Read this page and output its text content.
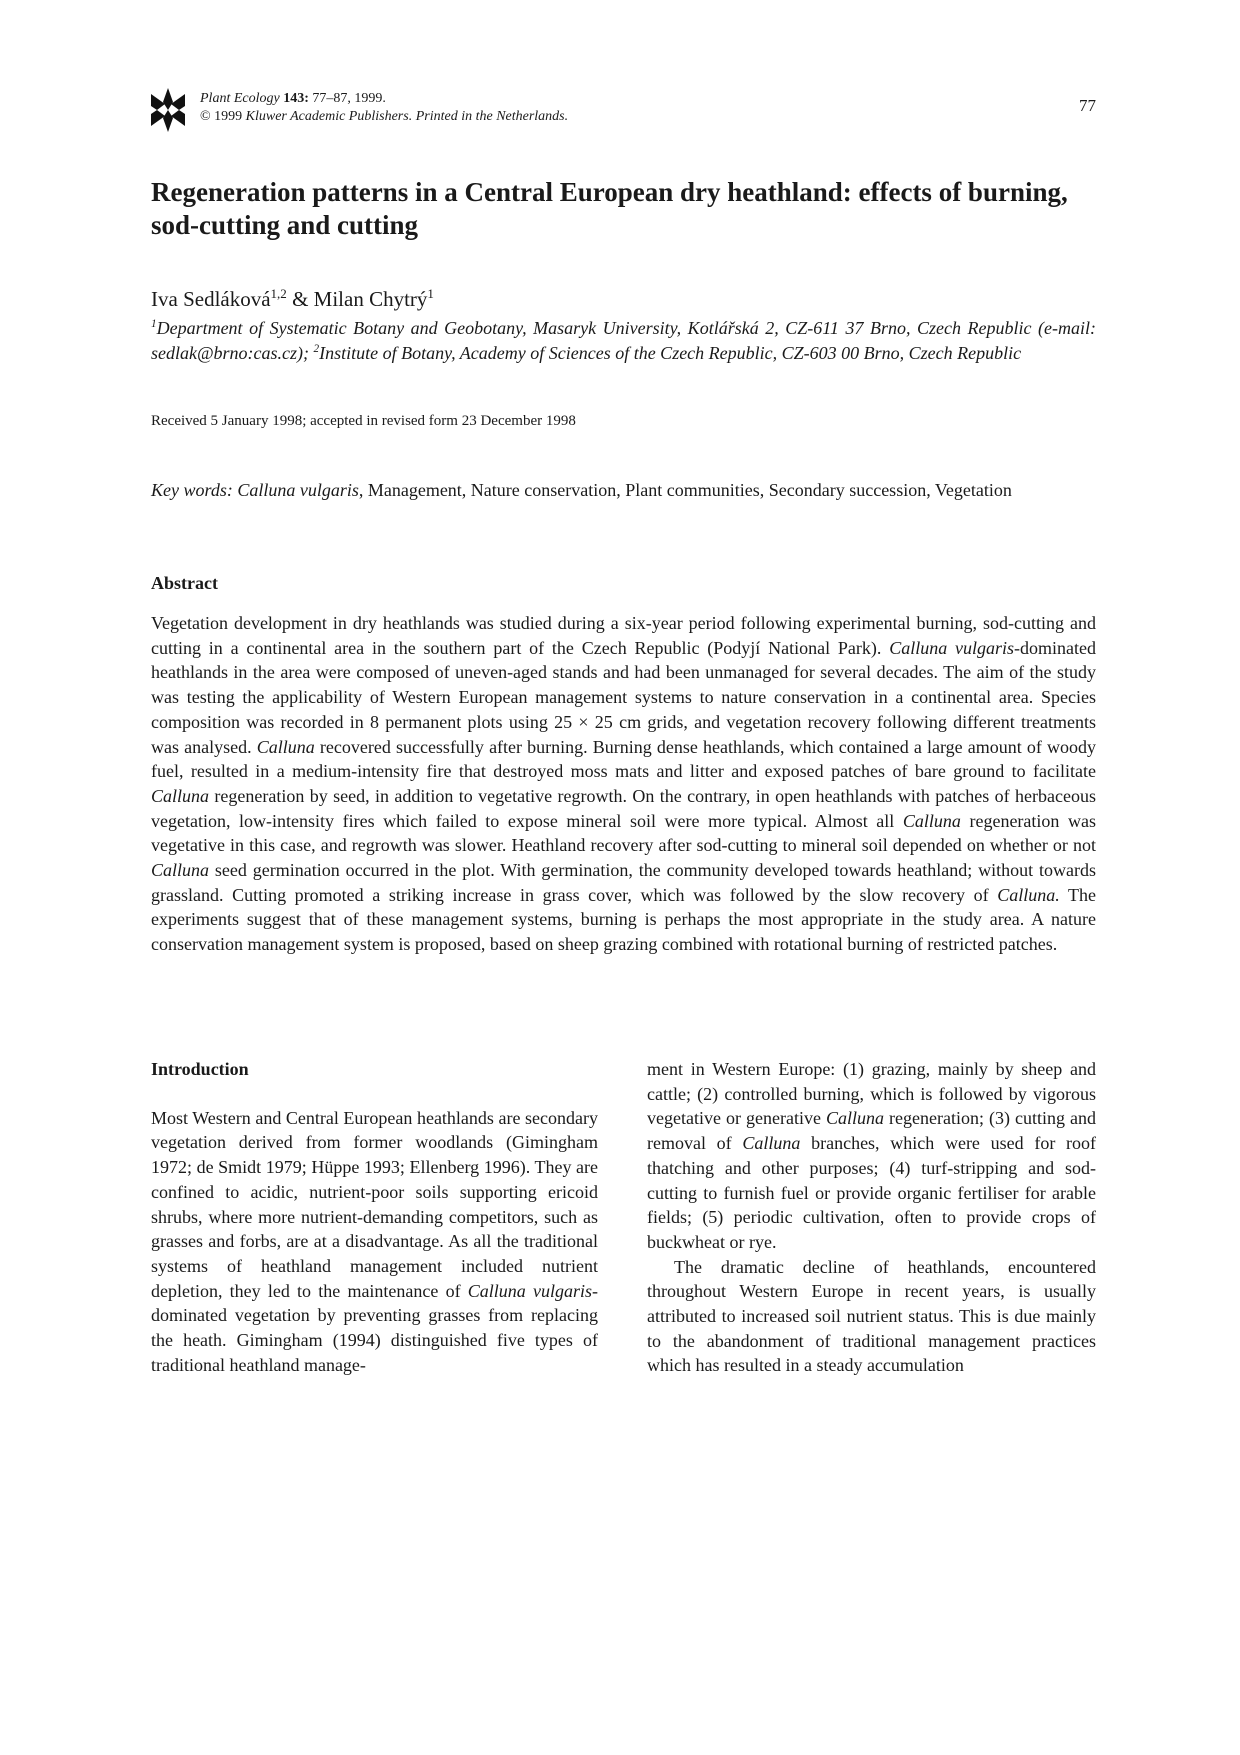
Plant Ecology 143: 77–87, 1999.
© 1999 Kluwer Academic Publishers. Printed in the Netherlands.
77
Regeneration patterns in a Central European dry heathland: effects of burning, sod-cutting and cutting
Iva Sedláková$^{1,2}$ & Milan Chytrý$^1$
$^1$Department of Systematic Botany and Geobotany, Masaryk University, Kotlářská 2, CZ-611 37 Brno, Czech Republic (e-mail: sedlak@brno:cas.cz); $^2$Institute of Botany, Academy of Sciences of the Czech Republic, CZ-603 00 Brno, Czech Republic
Received 5 January 1998; accepted in revised form 23 December 1998
Key words: Calluna vulgaris, Management, Nature conservation, Plant communities, Secondary succession, Vegetation
Abstract

Vegetation development in dry heathlands was studied during a six-year period following experimental burning, sod-cutting and cutting in a continental area in the southern part of the Czech Republic (Podyjí National Park). Calluna vulgaris-dominated heathlands in the area were composed of uneven-aged stands and had been unmanaged for several decades. The aim of the study was testing the applicability of Western European management systems to nature conservation in a continental area. Species composition was recorded in 8 permanent plots using 25 × 25 cm grids, and vegetation recovery following different treatments was analysed. Calluna recovered successfully after burning. Burning dense heathlands, which contained a large amount of woody fuel, resulted in a medium-intensity fire that destroyed moss mats and litter and exposed patches of bare ground to facilitate Calluna regeneration by seed, in addition to vegetative regrowth. On the contrary, in open heathlands with patches of herbaceous vegetation, low-intensity fires which failed to expose mineral soil were more typical. Almost all Calluna regeneration was vegetative in this case, and regrowth was slower. Heathland recovery after sod-cutting to mineral soil depended on whether or not Calluna seed germination occurred in the plot. With germination, the community developed towards heathland; without towards grassland. Cutting promoted a striking increase in grass cover, which was followed by the slow recovery of Calluna. The experiments suggest that of these management systems, burning is perhaps the most appropriate in the study area. A nature conservation management system is proposed, based on sheep grazing combined with rotational burning of restricted patches.

Introduction

Most Western and Central European heathlands are secondary vegetation derived from former woodlands (Gimingham 1972; de Smidt 1979; Hüppe 1993; Ellenberg 1996). They are confined to acidic, nutrient-poor soils supporting ericoid shrubs, where more nutrient-demanding competitors, such as grasses and forbs, are at a disadvantage. As all the traditional systems of heathland management included nutrient depletion, they led to the maintenance of Calluna vulgaris-dominated vegetation by preventing grasses from replacing the heath. Gimingham (1994) distinguished five types of traditional heathland manage-

ment in Western Europe: (1) grazing, mainly by sheep and cattle; (2) controlled burning, which is followed by vigorous vegetative or generative Calluna regeneration; (3) cutting and removal of Calluna branches, which were used for roof thatching and other purposes; (4) turf-stripping and sod-cutting to furnish fuel or provide organic fertiliser for arable fields; (5) periodic cultivation, often to provide crops of buckwheat or rye.

The dramatic decline of heathlands, encountered throughout Western Europe in recent years, is usually attributed to increased soil nutrient status. This is due mainly to the abandonment of traditional management practices which has resulted in a steady accumulation
